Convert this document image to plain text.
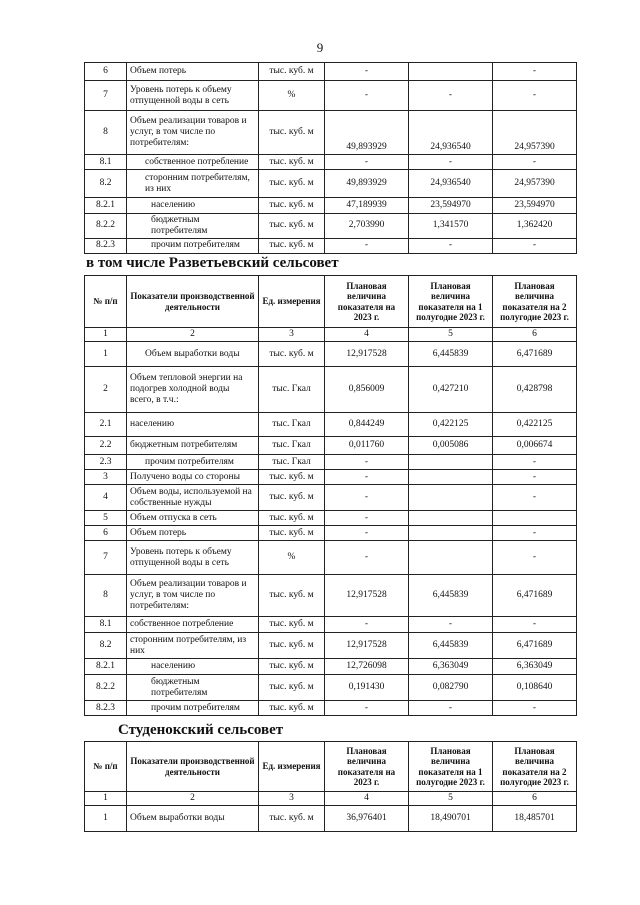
9
6	Объем потерь	тыс. куб. м	-		-
7	Уровень потерь к объему отпущенной воды в сеть	%	-	-	-
8	Объем реализации товаров и услуг, в том числе по потребителям:	тыс. куб. м	49,893929	24,936540	24,957390
8.1	собственное потребление	тыс. куб. м	-	-	-
8.2	сторонним потребителям, из них	тыс. куб. м	49,893929	24,936540	24,957390
8.2.1	населению	тыс. куб. м	47,189939	23,594970	23,594970
8.2.2	бюджетным потребителям	тыс. куб. м	2,703990	1,341570	1,362420
8.2.3	прочим потребителям	тыс. куб. м	-	-	-
в том числе Разветьевский сельсовет
№ п/п	Показатели производственной деятельности	Ед. измерения	Плановая величина показателя на 2023 г.	Плановая величина показателя на 1 полугодие 2023 г.	Плановая величина показателя на 2 полугодие 2023 г.
1	2	3	4	5	6
1	Объем выработки воды	тыс. куб. м	12,917528	6,445839	6,471689
2	Объем тепловой энергии на подогрев холодной воды всего, в т.ч.:	тыс. Гкал	0,856009	0,427210	0,428798
2.1	населению	тыс. Гкал	0,844249	0,422125	0,422125
2.2	бюджетным потребителям	тыс. Гкал	0,011760	0,005086	0,006674
2.3	прочим потребителям	тыс. Гкал	-		-
3	Получено воды со стороны	тыс. куб. м	-		-
4	Объем воды, используемой на собственные нужды	тыс. куб. м	-		-
5	Объем отпуска в сеть	тыс. куб. м	-		
6	Объем потерь	тыс. куб. м	-		-
7	Уровень потерь к объему отпущенной воды в сеть	%	-		-
8	Объем реализации товаров и услуг, в том числе по потребителям:	тыс. куб. м	12,917528	6,445839	6,471689
8.1	собственное потребление	тыс. куб. м	-	-	-
8.2	сторонним потребителям, из них	тыс. куб. м	12,917528	6,445839	6,471689
8.2.1	населению	тыс. куб. м	12,726098	6,363049	6,363049
8.2.2	бюджетным потребителям	тыс. куб. м	0,191430	0,082790	0,108640
8.2.3	прочим потребителям	тыс. куб. м	-	-	-
Студенокский сельсовет
№ п/п	Показатели производственной деятельности	Ед. измерения	Плановая величина показателя на 2023 г.	Плановая величина показателя на 1 полугодие 2023 г.	Плановая величина показателя на 2 полугодие 2023 г.
1	2	3	4	5	6
1	Объем выработки воды	тыс. куб. м	36,976401	18,490701	18,485701
